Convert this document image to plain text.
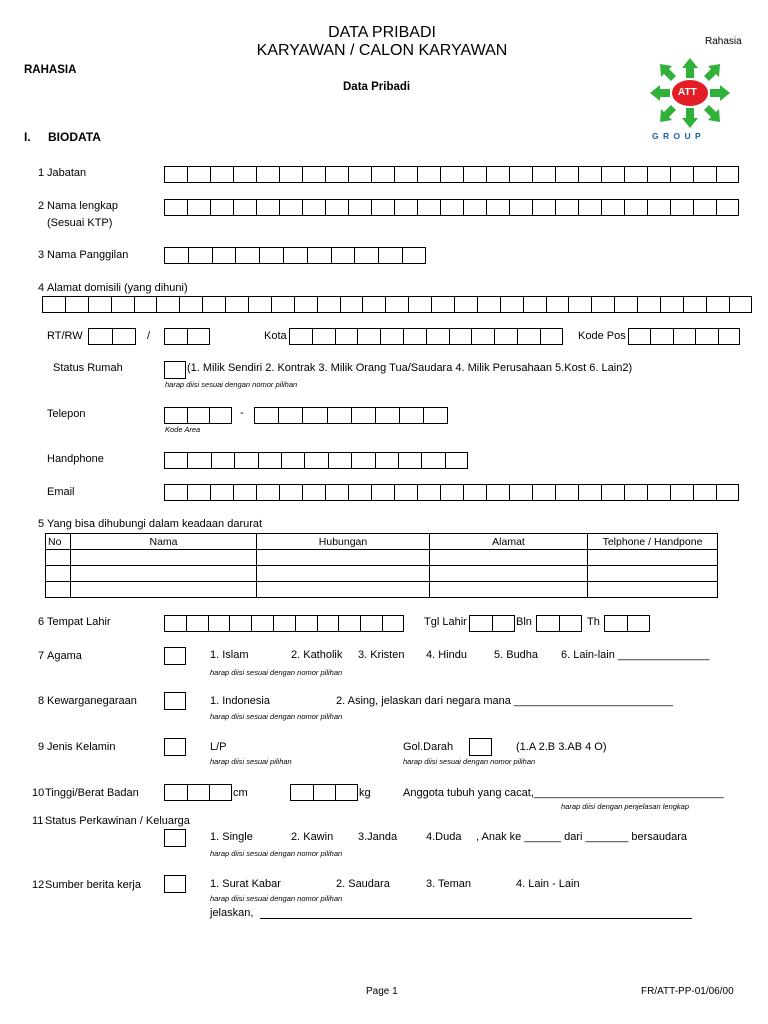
DATA PRIBADI
KARYAWAN / CALON KARYAWAN
Rahasia
RAHASIA
Data Pribadi	ATT
G R O U P
I. BIODATA
1 Jabatan
2 Nama lengkap
(Sesuai KTP)
3 Nama Panggilan
4 Alamat domisili (yang dihuni)
RT/RW	/	Kota	Kode Pos
Status Rumah	(1. Milik Sendiri 2. Kontrak 3. Milik Orang Tua/Saudara 4. Milik Perusahaan 5.Kost 6. Lain2)
harap diisi sesuai dengan nomor pilihan
Telepon	-
Kode Area
Handphone
Email
5 Yang bisa dihubungi dalam keadaan darurat
No	Nama	Hubungan	Alamat	Telphone / Handpone

6 Tempat Lahir	Tgl Lahir	Bln	Th
7 Agama	1. Islam	2. Katholik 3. Kristen 4. Hindu 5. Budha 6. Lain-lain _______________
harap diisi sesuai dengan nomor pilihan
8 Kewarganegaraan	1. Indonesia	2. Asing, jelaskan dari negara mana __________________________
harap diisi sesuai dengan nomor pilihan
9 Jenis Kelamin	L/P
harap diisi sesuai pilihan
Gol.Darah	(1.A 2.B 3.AB 4 O)
harap diisi sesuai dengan nomor pilihan
10 Tinggi/Berat Badan	cm	kg	Anggota tubuh yang cacat,_______________________________
harap diisi dengan penjelasan lengkap
11 Status Perkawinan / Keluarga
1. Single	2. Kawin 3.Janda	4.Duda , Anak ke ______ dari _______ bersaudara
harap diisi sesuai dengan nomor pilihan
12 Sumber berita kerja	1. Surat Kabar	2. Saudara	3. Teman	4. Lain - Lain
harap diisi sesuai dengan nomor pilihan
jelaskan,
Page 1	FR/ATT-PP-01/06/00
